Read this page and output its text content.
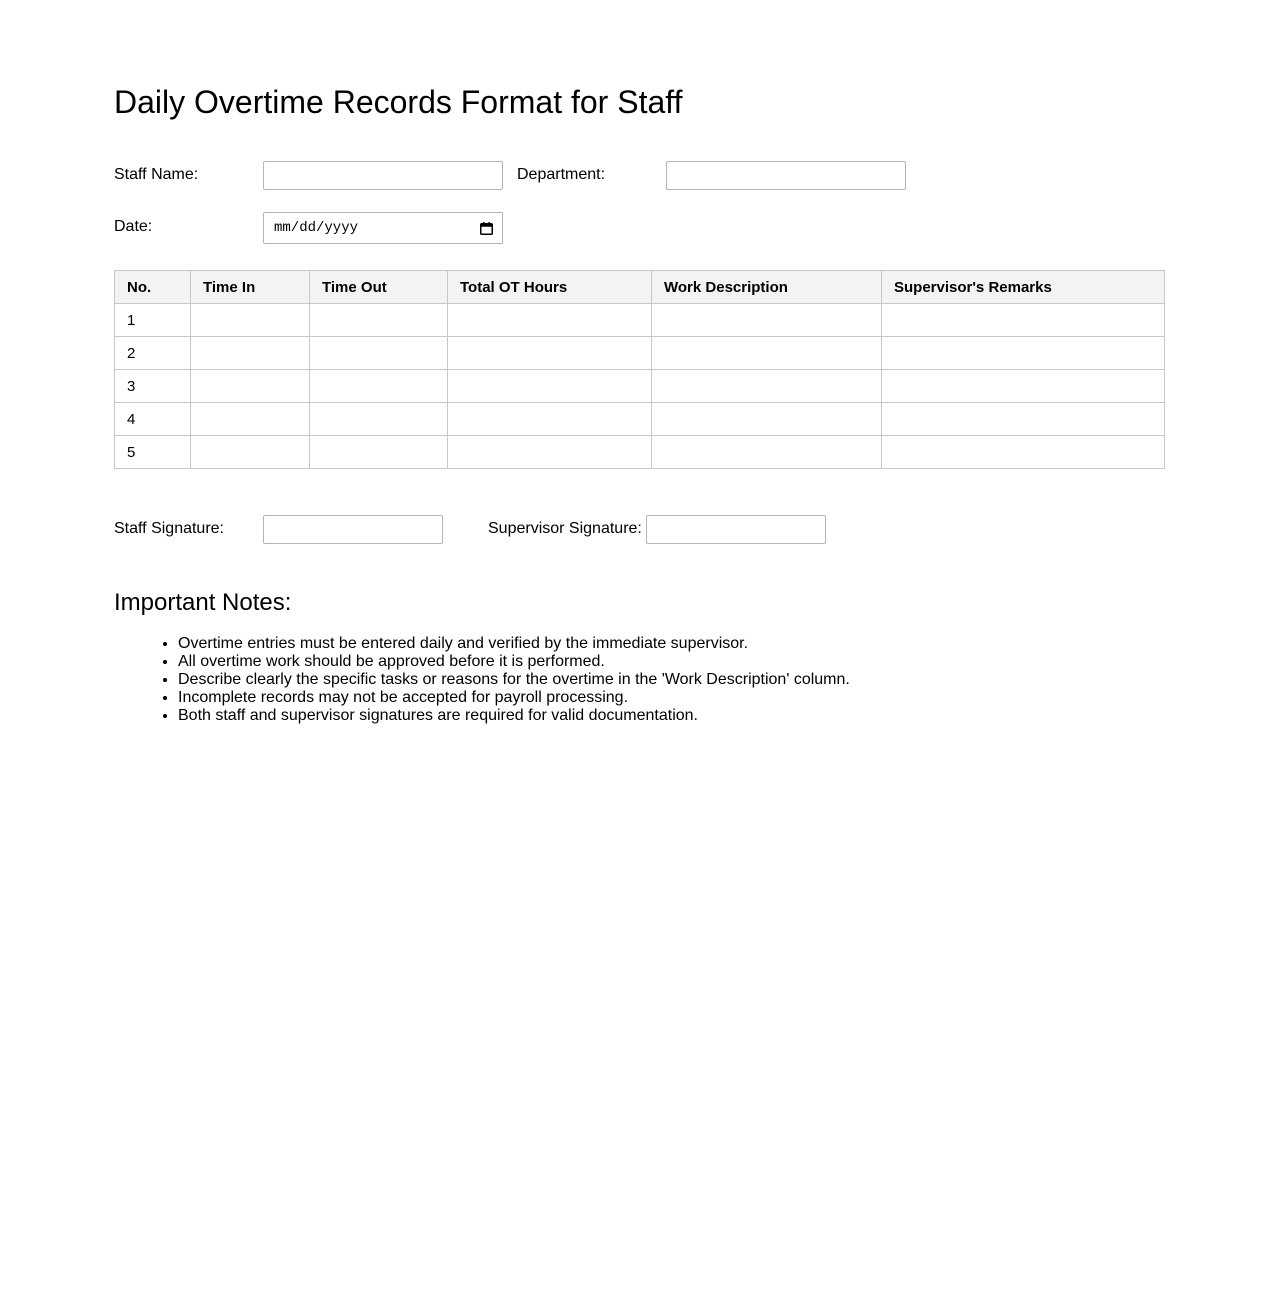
Daily Overtime Records Format for Staff
Staff Name:	Department:
Date:	mm/dd/yyyy
No.	Time In	Time Out	Total OT Hours	Work Description	Supervisor's Remarks
1					
2					
3					
4					
5					
Staff Signature:	Supervisor Signature:
Important Notes:
• Overtime entries must be entered daily and verified by the immediate supervisor.
• All overtime work should be approved before it is performed.
• Describe clearly the specific tasks or reasons for the overtime in the 'Work Description' column.
• Incomplete records may not be accepted for payroll processing.
• Both staff and supervisor signatures are required for valid documentation.
